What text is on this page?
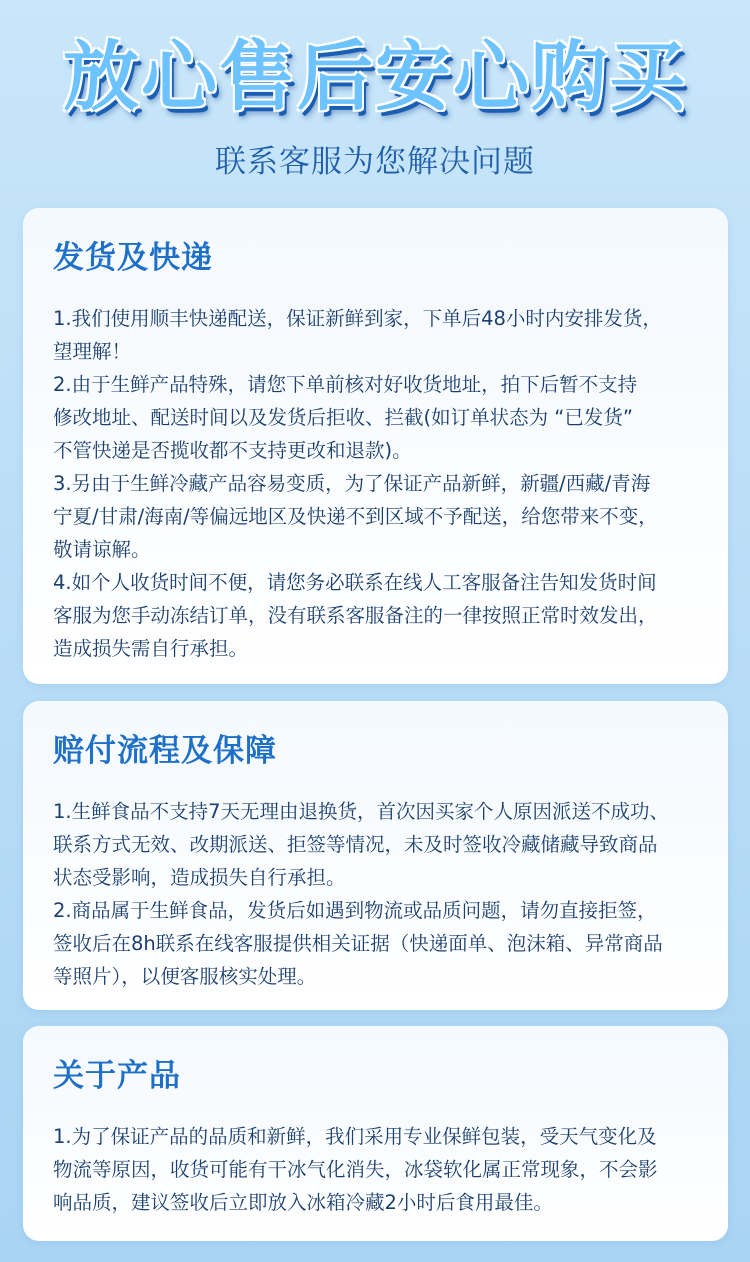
放心售后安心购买
联系客服为您解决问题
发货及快递
1.我们使用顺丰快递配送，保证新鲜到家，下单后48小时内安排发货，
望理解！
2.由于生鲜产品特殊，请您下单前核对好收货地址，拍下后暂不支持
修改地址、配送时间以及发货后拒收、拦截(如订单状态为 “已发货”
不管快递是否揽收都不支持更改和退款)。
3.另由于生鲜冷藏产品容易变质，为了保证产品新鲜，新疆/西藏/青海
宁夏/甘肃/海南/等偏远地区及快递不到区域不予配送，给您带来不变，
敬请谅解。
4.如个人收货时间不便，请您务必联系在线人工客服备注告知发货时间
客服为您手动冻结订单，没有联系客服备注的一律按照正常时效发出，
造成损失需自行承担。
赔付流程及保障
1.生鲜食品不支持7天无理由退换货，首次因买家个人原因派送不成功、
联系方式无效、改期派送、拒签等情况，未及时签收冷藏储藏导致商品
状态受影响，造成损失自行承担。
2.商品属于生鲜食品，发货后如遇到物流或品质问题，请勿直接拒签，
签收后在8h联系在线客服提供相关证据（快递面单、泡沫箱、异常商品
等照片），以便客服核实处理。
关于产品
1.为了保证产品的品质和新鲜，我们采用专业保鲜包装，受天气变化及
物流等原因，收货可能有干冰气化消失，冰袋软化属正常现象，不会影
响品质，建议签收后立即放入冰箱冷藏2小时后食用最佳。
